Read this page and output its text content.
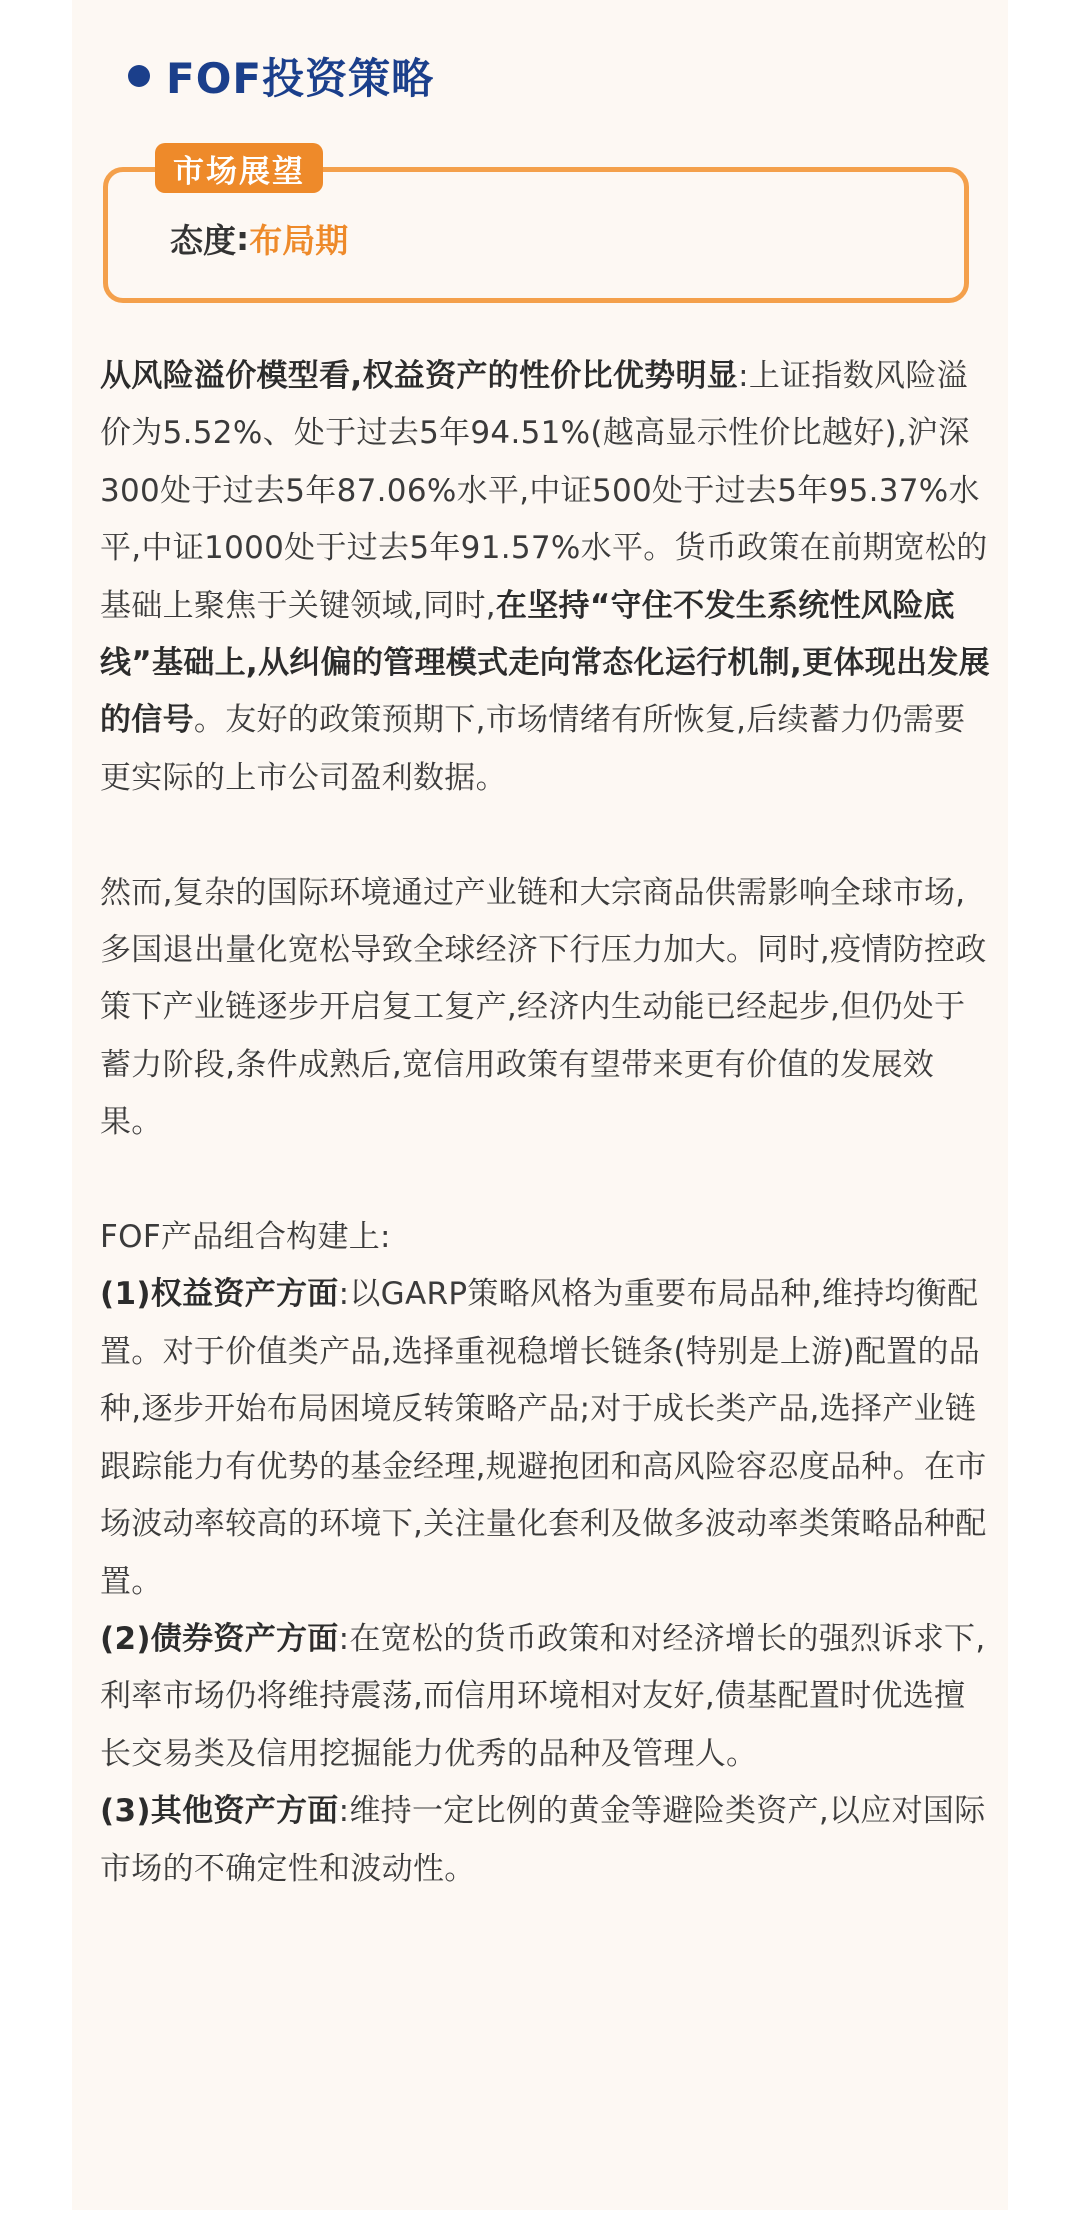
FOF投资策略
市场展望
态度 : 布局期

从风险溢价模型看,权益资产的性价比优势明显:上证指数风险溢价为5.52%、处于过去5年94.51%(越高显示性价比越好),沪深300处于过去5年87.06%水平,中证500处于过去5年95.37%水平,中证1000处于过去5年91.57%水平。货币政策在前期宽松的基础上聚焦于关键领域,同时,在坚持“守住不发生系统性风险底线”基础上,从纠偏的管理模式走向常态化运行机制,更体现出发展的信号。友好的政策预期下,市场情绪有所恢复,后续蓄力仍需要更实际的上市公司盈利数据。

然而,复杂的国际环境通过产业链和大宗商品供需影响全球市场,多国退出量化宽松导致全球经济下行压力加大。同时,疫情防控政策下产业链逐步开启复工复产,经济内生动能已经起步,但仍处于蓄力阶段,条件成熟后,宽信用政策有望带来更有价值的发展效果。

FOF产品组合构建上:

(1)权益资产方面:以GARP策略风格为重要布局品种,维持均衡配置。对于价值类产品,选择重视稳增长链条(特别是上游)配置的品种,逐步开始布局困境反转策略产品;对于成长类产品,选择产业链跟踪能力有优势的基金经理,规避抱团和高风险容忍度品种。在市场波动率较高的环境下,关注量化套利及做多波动率类策略品种配置。

(2)债券资产方面:在宽松的货币政策和对经济增长的强烈诉求下,利率市场仍将维持震荡,而信用环境相对友好,债基配置时优选擅长交易类及信用挖掘能力优秀的品种及管理人。

(3)其他资产方面:维持一定比例的黄金等避险类资产,以应对国际市场的不确定性和波动性。
